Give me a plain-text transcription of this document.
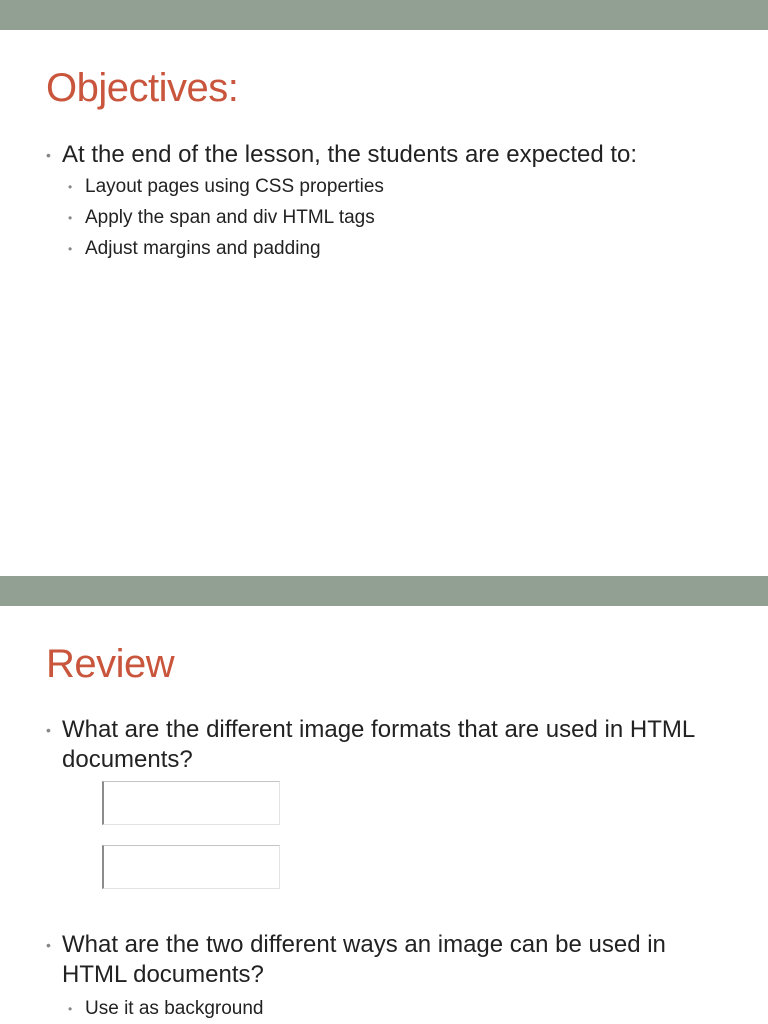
Objectives:
• At the end of the lesson, the students are expected to:
• Layout pages using CSS properties
• Apply the span and div HTML tags
• Adjust margins and padding
Review
• What are the different image formats that are used in HTML documents?
• What are the two different ways an image can be used in HTML documents?
• Use it as background
